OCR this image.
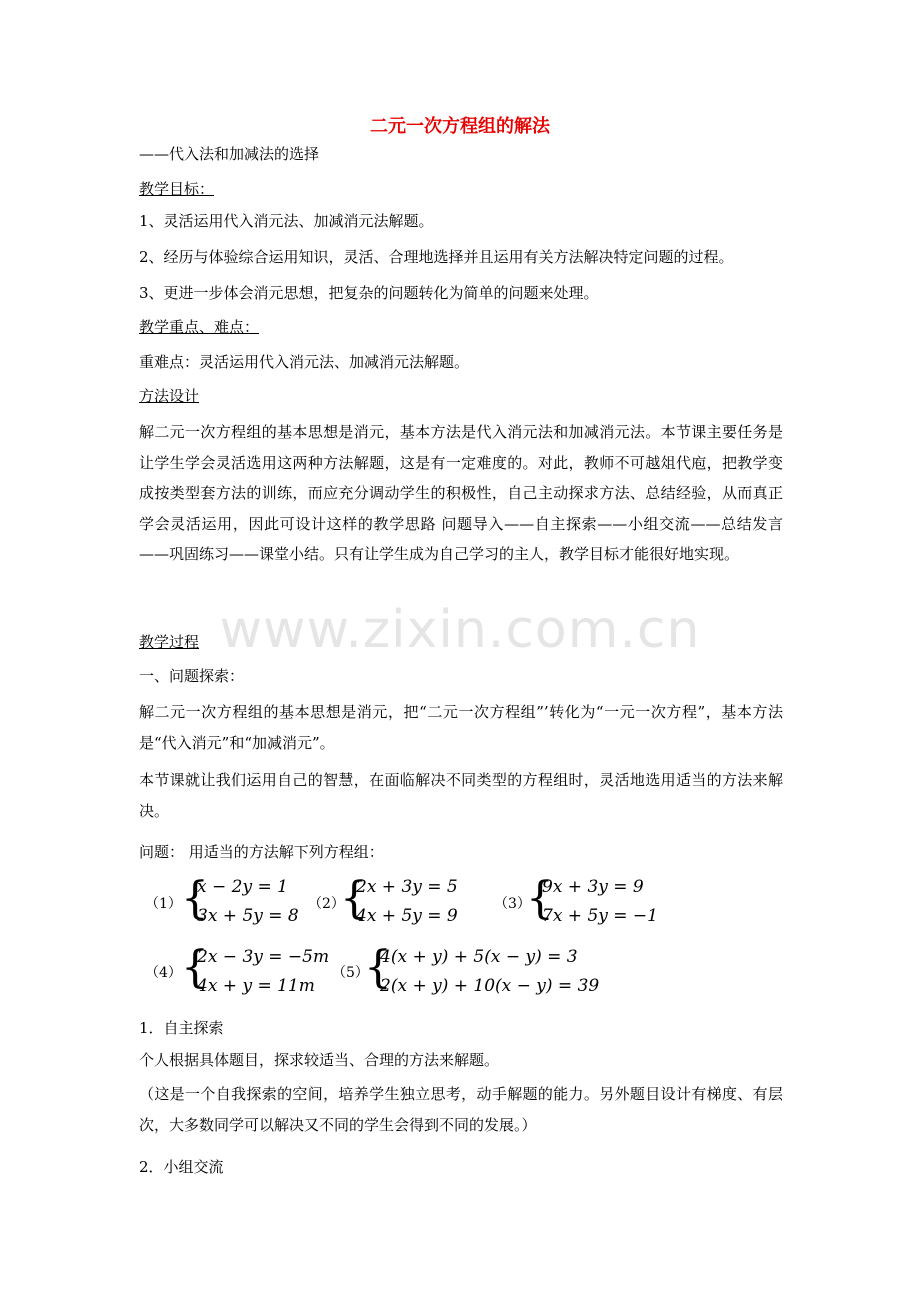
二元一次方程组的解法
——代入法和加减法的选择
教学目标：
1、灵活运用代入消元法、加减消元法解题。
2、经历与体验综合运用知识，灵活、合理地选择并且运用有关方法解决特定问题的过程。
3、更进一步体会消元思想，把复杂的问题转化为简单的问题来处理。
教学重点、难点：
重难点：灵活运用代入消元法、加减消元法解题。
方法设计
解二元一次方程组的基本思想是消元，基本方法是代入消元法和加减消元法。本节课主要任务是让学生学会灵活选用这两种方法解题，这是有一定难度的。对此，教师不可越俎代庖，把教学变成按类型套方法的训练，而应充分调动学生的积极性，自己主动探求方法、总结经验，从而真正学会灵活运用，因此可设计这样的教学思路 问题导入——自主探索——小组交流——总结发言——巩固练习——课堂小结。只有让学生成为自己学习的主人，教学目标才能很好地实现。
www.zixin.com.cn
教学过程
一、问题探索：
解二元一次方程组的基本思想是消元，把“二元一次方程组”’转化为“一元一次方程”，基本方法是“代入消元”和“加减消元”。
本节课就让我们运用自己的智慧，在面临解决不同类型的方程组时，灵活地选用适当的方法来解决。
问题： 用适当的方法解下列方程组：
（1） {
x − 2y = 1
3x + 5y = 8
（2）
{
2x + 3y = 5
4x + 5y = 9
（3）
{
9x + 3y = 9
7x + 5y = −1
（4） {
2x − 3y = −5m
4x + y = 11m
（5）
{
4(x + y) + 5(x − y) = 3
2(x + y) + 10(x − y) = 39
1．自主探索
个人根据具体题目，探求较适当、合理的方法来解题。
（这是一个自我探索的空间，培养学生独立思考，动手解题的能力。另外题目设计有梯度、有层次，大多数同学可以解决又不同的学生会得到不同的发展。）
2．小组交流
